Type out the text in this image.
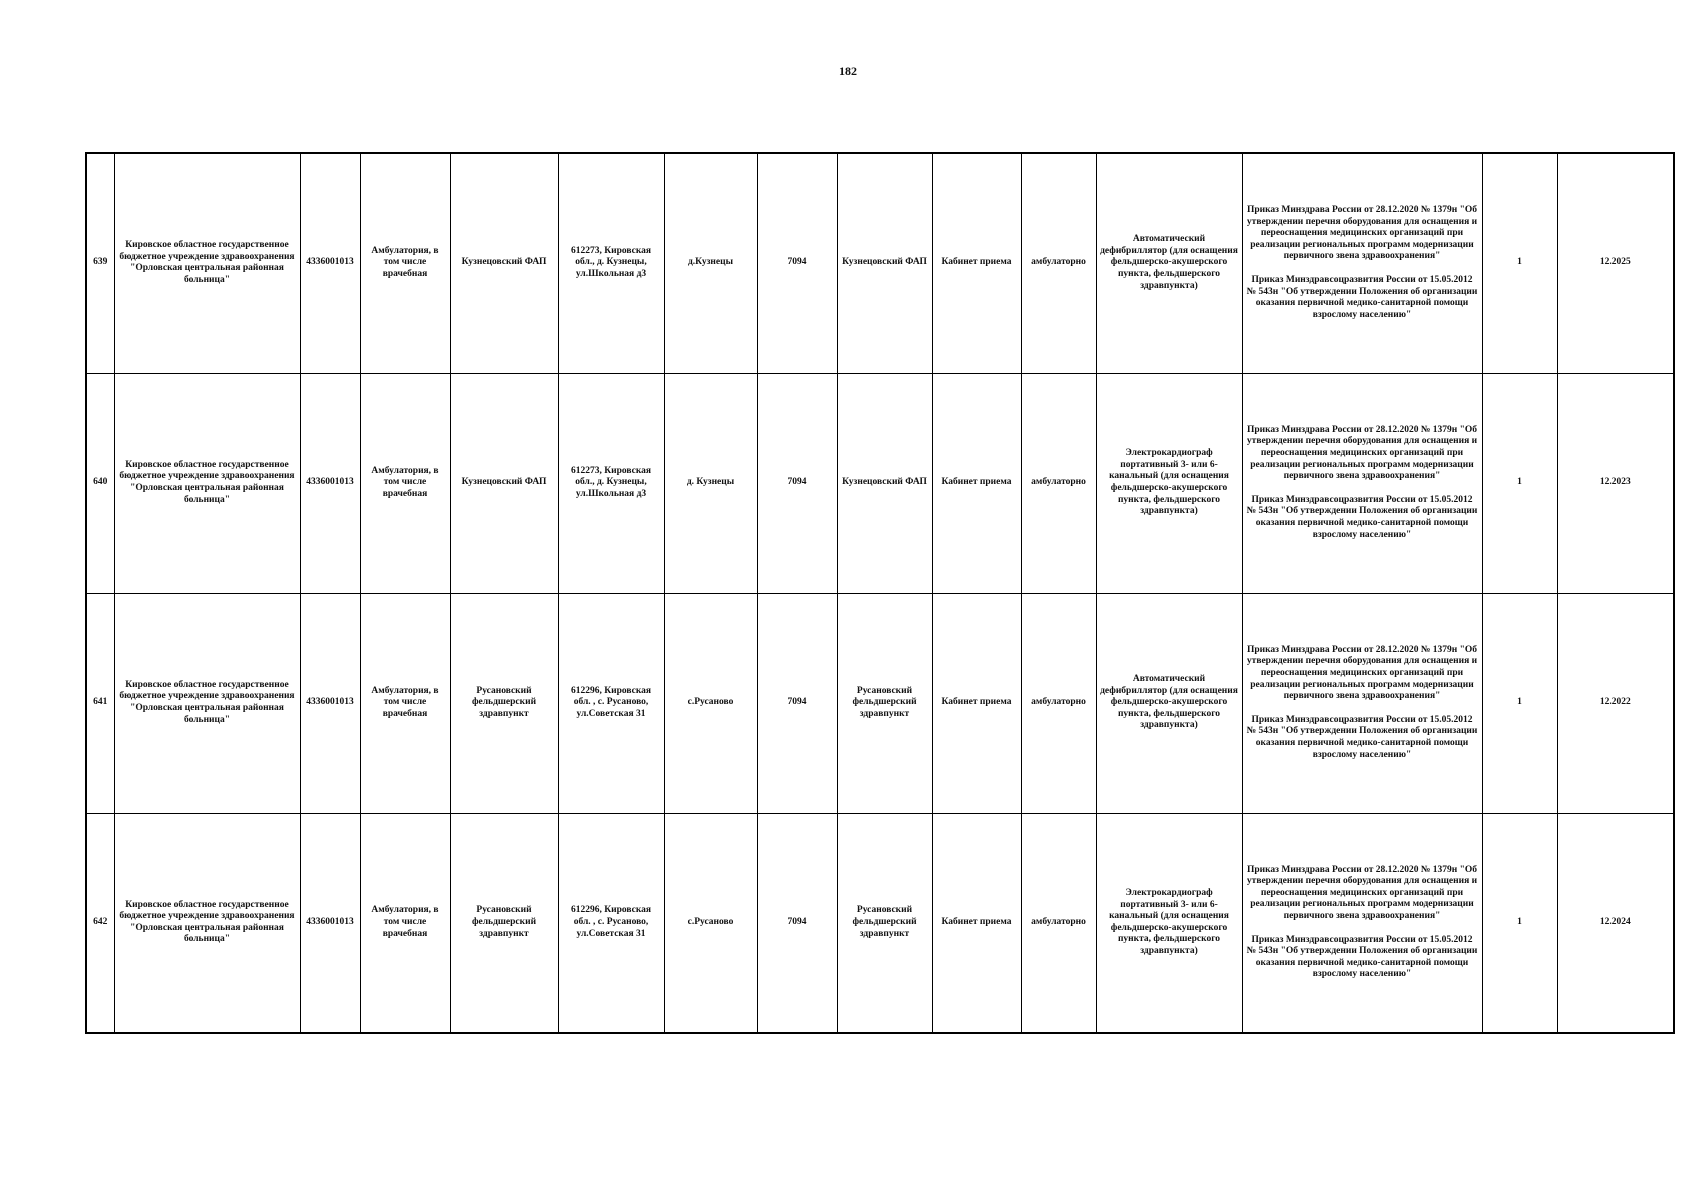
182
639	Кировское областное государственное бюджетное учреждение здравоохранения "Орловская центральная районная больница"	4336001013	Амбулатория, в том числе врачебная	Кузнецовский ФАП	612273, Кировская обл., д. Кузнецы, ул.Школьная д3	д.Кузнецы	7094	Кузнецовский ФАП	Кабинет приема	амбулаторно	Автоматический дефибриллятор (для оснащения фельдшерско-акушерского пункта, фельдшерского здравпункта)	Приказ Минздрава России от 28.12.2020 № 1379н "Об утверждении перечня оборудования для оснащения и переоснащения медицинских организаций при реализации региональных программ модернизации первичного звена здравоохранения"
Приказ Минздравсоцразвития России от 15.05.2012 № 543н "Об утверждении Положения об организации оказания первичной медико-санитарной помощи взрослому населению"	1	12.2025
640	Кировское областное государственное бюджетное учреждение здравоохранения "Орловская центральная районная больница"	4336001013	Амбулатория, в том числе врачебная	Кузнецовский ФАП	612273, Кировская обл., д. Кузнецы, ул.Школьная д3	д. Кузнецы	7094	Кузнецовский ФАП	Кабинет приема	амбулаторно	Электрокардиограф портативный 3- или 6-канальный (для оснащения фельдшерско-акушерского пункта, фельдшерского здравпункта)	Приказ Минздрава России от 28.12.2020 № 1379н "Об утверждении перечня оборудования для оснащения и переоснащения медицинских организаций при реализации региональных программ модернизации первичного звена здравоохранения"
Приказ Минздравсоцразвития России от 15.05.2012 № 543н "Об утверждении Положения об организации оказания первичной медико-санитарной помощи взрослому населению"	1	12.2023
641	Кировское областное государственное бюджетное учреждение здравоохранения "Орловская центральная районная больница"	4336001013	Амбулатория, в том числе врачебная	Русановский фельдшерский здравпункт	612296, Кировская обл. , с. Русаново, ул.Советская 31	с.Русаново	7094	Русановский фельдшерский здравпункт	Кабинет приема	амбулаторно	Автоматический дефибриллятор (для оснащения фельдшерско-акушерского пункта, фельдшерского здравпункта)	Приказ Минздрава России от 28.12.2020 № 1379н "Об утверждении перечня оборудования для оснащения и переоснащения медицинских организаций при реализации региональных программ модернизации первичного звена здравоохранения"
Приказ Минздравсоцразвития России от 15.05.2012 № 543н "Об утверждении Положения об организации оказания первичной медико-санитарной помощи взрослому населению"	1	12.2022
642	Кировское областное государственное бюджетное учреждение здравоохранения "Орловская центральная районная больница"	4336001013	Амбулатория, в том числе врачебная	Русановский фельдшерский здравпункт	612296, Кировская обл. , с. Русаново, ул.Советская 31	с.Русаново	7094	Русановский фельдшерский здравпункт	Кабинет приема	амбулаторно	Электрокардиограф портативный 3- или 6-канальный (для оснащения фельдшерско-акушерского пункта, фельдшерского здравпункта)	Приказ Минздрава России от 28.12.2020 № 1379н "Об утверждении перечня оборудования для оснащения и переоснащения медицинских организаций при реализации региональных программ модернизации первичного звена здравоохранения"
Приказ Минздравсоцразвития России от 15.05.2012 № 543н "Об утверждении Положения об организации оказания первичной медико-санитарной помощи взрослому населению"	1	12.2024
